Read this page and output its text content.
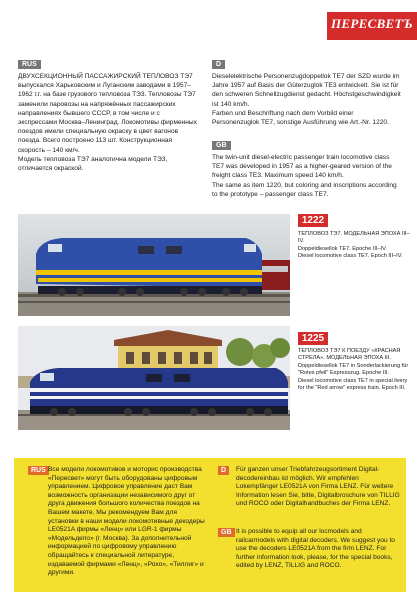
ПЕРЕСВЕТЪ
RUS
ДВУХСЕКЦИОННЫЙ ПАССАЖИРСКИЙ ТЕПЛОВОЗ ТЭ7 выпускался Харьковским и Луганским заводами в 1957–1962 г.г. на базе грузового тепловоза ТЭ3. Тепловозы ТЭ7 заменили паровозы на напряжённых пассажирских направлениях бывшего СССР, в том числе и с экспрессами Москва–Ленинград. Локомотивы фирменных поездов имели специальную окраску в цвет вагонов поезда. Всего построено 113 шт. Конструкционная скорость – 140 км/ч.
Модель тепловоза ТЭ7 аналогична модели ТЭ3, отличается окраской.
D
Dieselelektrische Personenzugdoppellok TE7 der SZD wurde im Jahre 1957 auf Basis der Güterzuglok TE3 entwickelt. Sie ist für den schweren Schnellzugdienst gedacht. Höchstgeschwindigkeit ist 140 km/h.
Farben und Beschriftung nach dem Vorbild einer Personenzuglok TE7, sonstige Ausführung wie Art.-Nr. 1220.
GB
The twin-unit diesel-electric passenger train locomotive class TE7 was developed in 1957 as a higher-geared version of the freight class TE3. Maximum speed 140 km/h.
The same as item 1220, but coloring and inscriptions according to the prototype – passenger class TE7.
1222
ТЕПЛОВОЗ ТЭ7. МОДЕЛЬНАЯ ЭПОХА III–IV.
Doppeldiesellok TE7. Epoche III–IV.
Diesel locomotive class TE7. Epoch III–IV.
1225
ТЕПЛОВОЗ ТЭ7 К ПОЕЗДУ «КРАСНАЯ СТРЕЛА». МОДЕЛЬНАЯ ЭПОХА III.
Doppeldiesellok TE7 in Sonderlackierung für "Rotes pfeil" Expresszug. Epoche III.
Diesel locomotive class TE7 in special livery for the "Red arrow" express train. Epoch III.
RUS Все модели локомотивов и моторис производства «Пересвет» могут быть оборудованы цифровым управлением. Цифровое управление даст Вам возможность организации независимого друг от друга движения большого количества поездов на Вашем макете. Мы рекомендуем Вам для установки в наши модели локомотивные декодеры LE0521A фирмы «Ленц» или LGR-1 фирмы «Модельдепо» (г. Москва). За дополнительной информацией по цифровому управлению обращайтесь к специальной литературе, издаваемой фирмами «Ленц», «Рохо», «Тиллиг» и другими.
D	Für ganzen unser Triebfahrzeugsortiment Digital-decodereinbau ist möglich. Wir empfehlen Lokempfänger LE0521A von Firma LENZ. Für weitere Information lesen Sie, bitte, Digitalbroschure von TILLIG und ROCO oder Digitalhandbuches der Firma LENZ.
GB It is possible to equip all our locmodels and railcarmodels with digital decoders. We suggest you to use the decoders LE0521A from the firm LENZ. For further information look, please, for the special books, edited by LENZ, TILLIG and ROCO.
